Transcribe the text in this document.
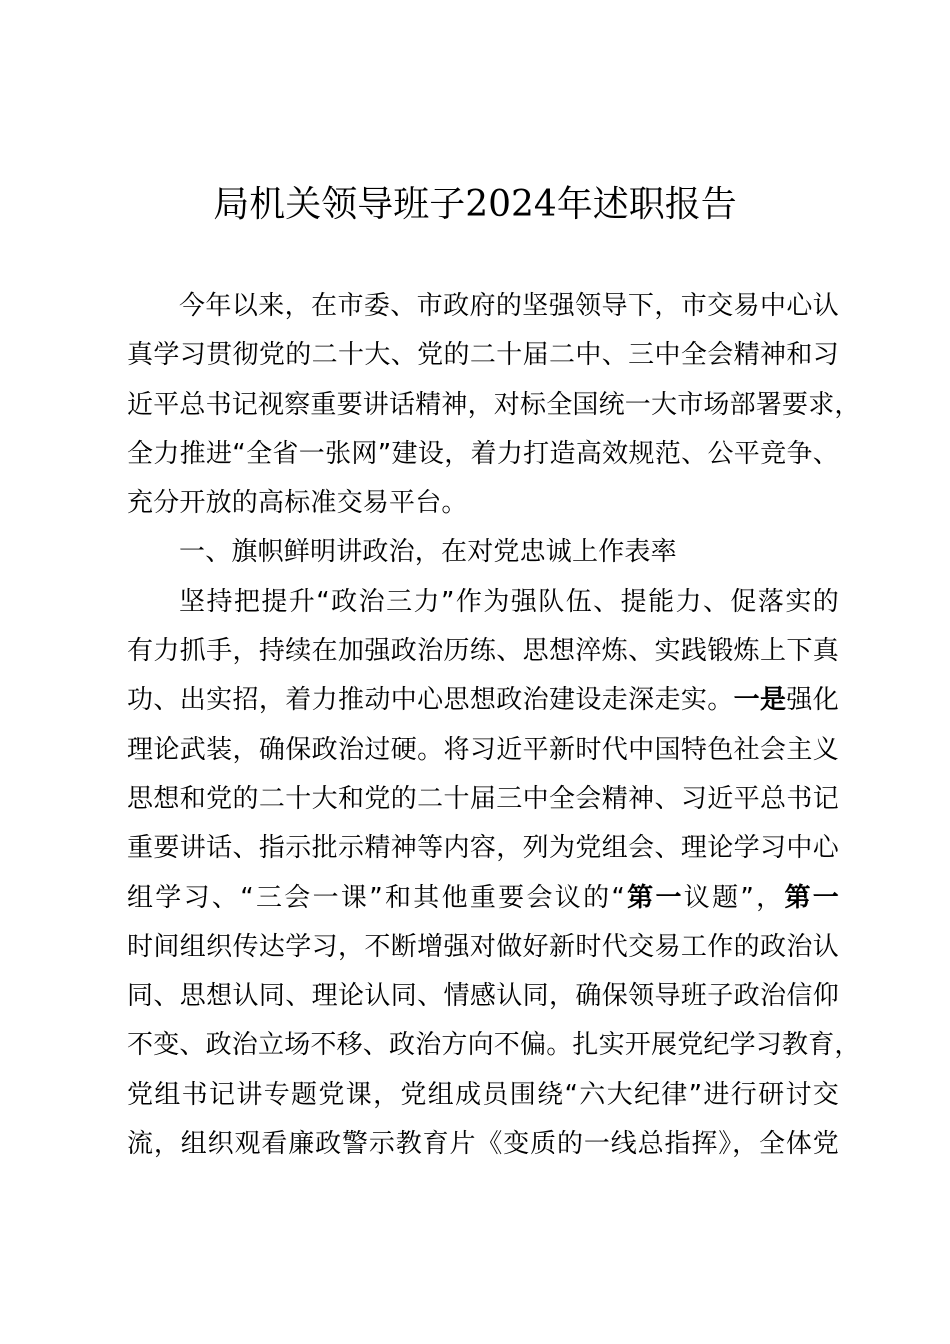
局机关领导班子2024年述职报告
今年以来，在市委、市政府的坚强领导下，市交易中心认
真学习贯彻党的二十大、党的二十届二中、三中全会精神和习
近平总书记视察重要讲话精神，对标全国统一大市场部署要求，
全力推进“全省一张网”建设，着力打造高效规范、公平竞争、
充分开放的高标准交易平台。
一、旗帜鲜明讲政治，在对党忠诚上作表率
坚持把提升“政治三力”作为强队伍、提能力、促落实的
有力抓手，持续在加强政治历练、思想淬炼、实践锻炼上下真
功、出实招，着力推动中心思想政治建设走深走实。一是强化
理论武装，确保政治过硬。将习近平新时代中国特色社会主义
思想和党的二十大和党的二十届三中全会精神、习近平总书记
重要讲话、指示批示精神等内容，列为党组会、理论学习中心
组学习、“三会一课”和其他重要会议的“第一议题”，第一
时间组织传达学习，不断增强对做好新时代交易工作的政治认
同、思想认同、理论认同、情感认同，确保领导班子政治信仰
不变、政治立场不移、政治方向不偏。扎实开展党纪学习教育，
党组书记讲专题党课，党组成员围绕“六大纪律”进行研讨交
流，组织观看廉政警示教育片《变质的一线总指挥》，全体党
